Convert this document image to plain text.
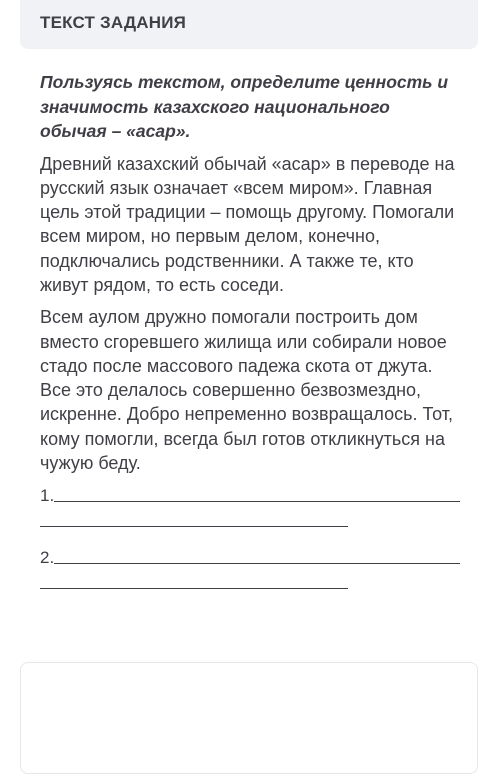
ТЕКСТ ЗАДАНИЯ

Пользуясь текстом, определите ценность и значимость казахского национального обычая – «асар».

Древний казахский обычай «асар» в переводе на русский язык означает «всем миром». Главная цель этой традиции – помощь другому. Помогали всем миром, но первым делом, конечно, подключались родственники. А также те, кто живут рядом, то есть соседи.

Всем аулом дружно помогали построить дом вместо сгоревшего жилища или собирали новое стадо после массового падежа скота от джута. Все это делалось совершенно безвозмездно, искренне. Добро непременно возвращалось. Тот, кому помогли, всегда был готов откликнуться на чужую беду.

1.
2.
